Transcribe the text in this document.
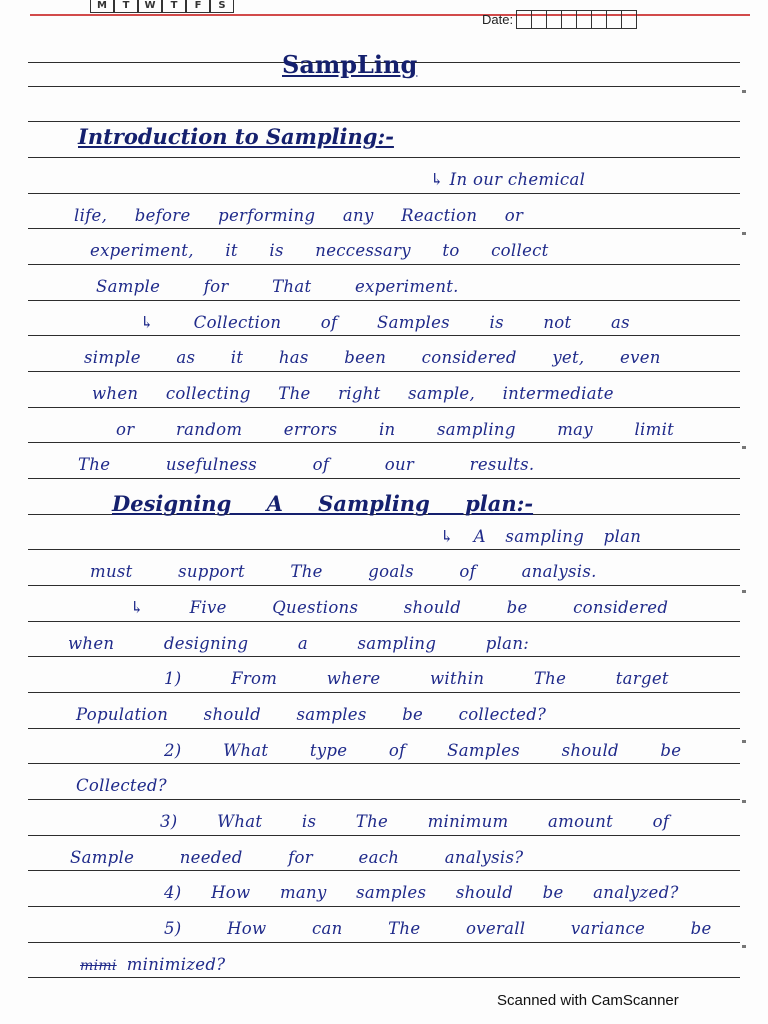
M	T	W	T	F	S
Date:
SampLing
Introduction to Sampling:-
↳ In our chemical
life, before performing any Reaction or
experiment, it is neccessary to collect
Sample for That experiment.
↳ Collection of Samples is not as
simple as it has been considered yet, even
when collecting The right sample, intermediate
or random errors in sampling may limit
The usefulness of our results.
Designing A Sampling plan:-
↳ A sampling plan
must support The goals of analysis.
↳ Five Questions should be considered
when designing a sampling plan:
1) From where within The target
Population should samples be collected?
2) What type of Samples should be
Collected?
3) What is The minimum amount of
Sample needed for each analysis?
4) How many samples should be analyzed?
5) How can The overall variance be
mimi minimized?
Scanned with CamScanner
